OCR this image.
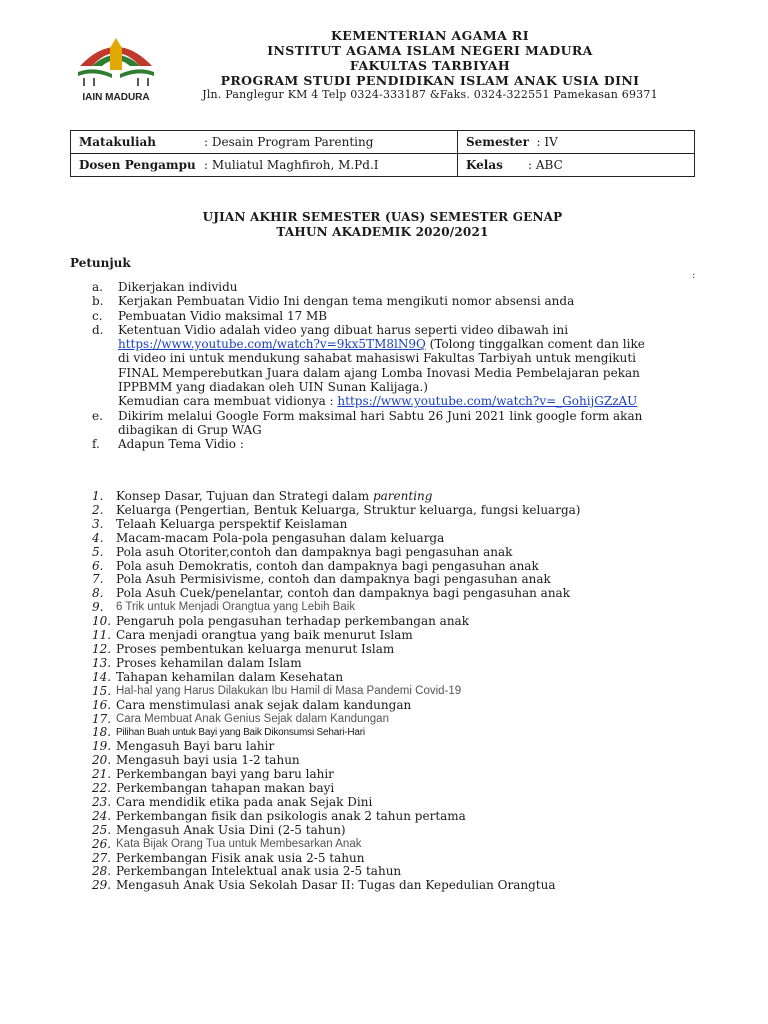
IAIN MADURA
KEMENTERIAN AGAMA RI
INSTITUT AGAMA ISLAM NEGERI MADURA
FAKULTAS TARBIYAH
PROGRAM STUDI PENDIDIKAN ISLAM ANAK USIA DINI
Jln. Panglegur KM 4 Telp 0324-333187 &Faks. 0324-322551 Pamekasan 69371
Matakuliah : Desain Program Parenting	Semester : IV
Dosen Pengampu : Muliatul Maghfiroh, M.Pd.I	Kelas : ABC
UJIAN AKHIR SEMESTER (UAS) SEMESTER GENAP
TAHUN AKADEMIK 2020/2021
Petunjuk
:
a.	Dikerjakan individu
b.	Kerjakan Pembuatan Vidio Ini dengan tema mengikuti nomor absensi anda
c.	Pembuatan Vidio maksimal 17 MB
d.	Ketentuan Vidio adalah video yang dibuat harus seperti video dibawah ini
https://www.youtube.com/watch?v=9kx5TM8lN9Q (Tolong tinggalkan coment dan like
di video ini untuk mendukung sahabat mahasiswi Fakultas Tarbiyah untuk mengikuti
FINAL Memperebutkan Juara dalam ajang Lomba Inovasi Media Pembelajaran pekan
IPPBMM yang diadakan oleh UIN Sunan Kalijaga.)
Kemudian cara membuat vidionya : https://www.youtube.com/watch?v=_GohijGZzAU
e.	Dikirim melalui Google Form maksimal hari Sabtu 26 Juni 2021 link google form akan
dibagikan di Grup WAG
f.	Adapun Tema Vidio :
1.	Konsep Dasar, Tujuan dan Strategi dalam parenting
2.	Keluarga (Pengertian, Bentuk Keluarga, Struktur keluarga, fungsi keluarga)
3.	Telaah Keluarga perspektif Keislaman
4.	Macam-macam Pola-pola pengasuhan dalam keluarga
5.	Pola asuh Otoriter,contoh dan dampaknya bagi pengasuhan anak
6.	Pola asuh Demokratis, contoh dan dampaknya bagi pengasuhan anak
7.	Pola Asuh Permisivisme, contoh dan dampaknya bagi pengasuhan anak
8.	Pola Asuh Cuek/penelantar, contoh dan dampaknya bagi pengasuhan anak
9.	6 Trik untuk Menjadi Orangtua yang Lebih Baik
10. Pengaruh pola pengasuhan terhadap perkembangan anak
11. Cara menjadi orangtua yang baik menurut Islam
12. Proses pembentukan keluarga menurut Islam
13. Proses kehamilan dalam Islam
14. Tahapan kehamilan dalam Kesehatan
15. Hal-hal yang Harus Dilakukan Ibu Hamil di Masa Pandemi Covid-19
16. Cara menstimulasi anak sejak dalam kandungan
17. Cara Membuat Anak Genius Sejak dalam Kandungan
18. Pilihan Buah untuk Bayi yang Baik Dikonsumsi Sehari-Hari
19. Mengasuh Bayi baru lahir
20. Mengasuh bayi usia 1-2 tahun
21. Perkembangan bayi yang baru lahir
22. Perkembangan tahapan makan bayi
23. Cara mendidik etika pada anak Sejak Dini
24. Perkembangan fisik dan psikologis anak 2 tahun pertama
25. Mengasuh Anak Usia Dini (2-5 tahun)
26. Kata Bijak Orang Tua untuk Membesarkan Anak
27. Perkembangan Fisik anak usia 2-5 tahun
28. Perkembangan Intelektual anak usia 2-5 tahun
29. Mengasuh Anak Usia Sekolah Dasar II: Tugas dan Kepedulian Orangtua
